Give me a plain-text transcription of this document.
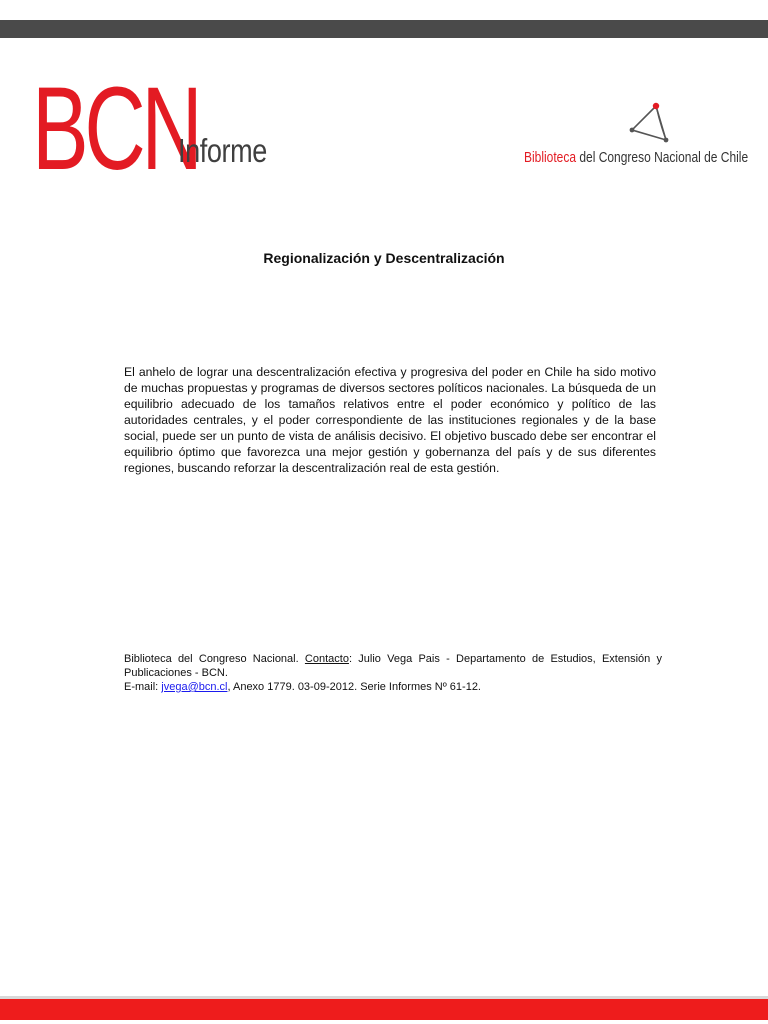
BCN
Informe	Biblioteca del Congreso Nacional de Chile
Regionalización y Descentralización

El anhelo de lograr una descentralización efectiva y progresiva del poder en Chile ha sido motivo de muchas propuestas y programas de diversos sectores políticos nacionales. La búsqueda de un equilibrio adecuado de los tamaños relativos entre el poder económico y político de las autoridades centrales, y el poder correspondiente de las instituciones regionales y de la base social, puede ser un punto de vista de análisis decisivo. El objetivo buscado debe ser encontrar el equilibrio óptimo que favorezca una mejor gestión y gobernanza del país y de sus diferentes regiones, buscando reforzar la descentralización real de esta gestión.

Biblioteca del Congreso Nacional. Contacto: Julio Vega Pais - Departamento de Estudios, Extensión y Publicaciones - BCN.

E-mail: jvega@bcn.cl, Anexo 1779. 03-09-2012. Serie Informes Nº 61-12.
